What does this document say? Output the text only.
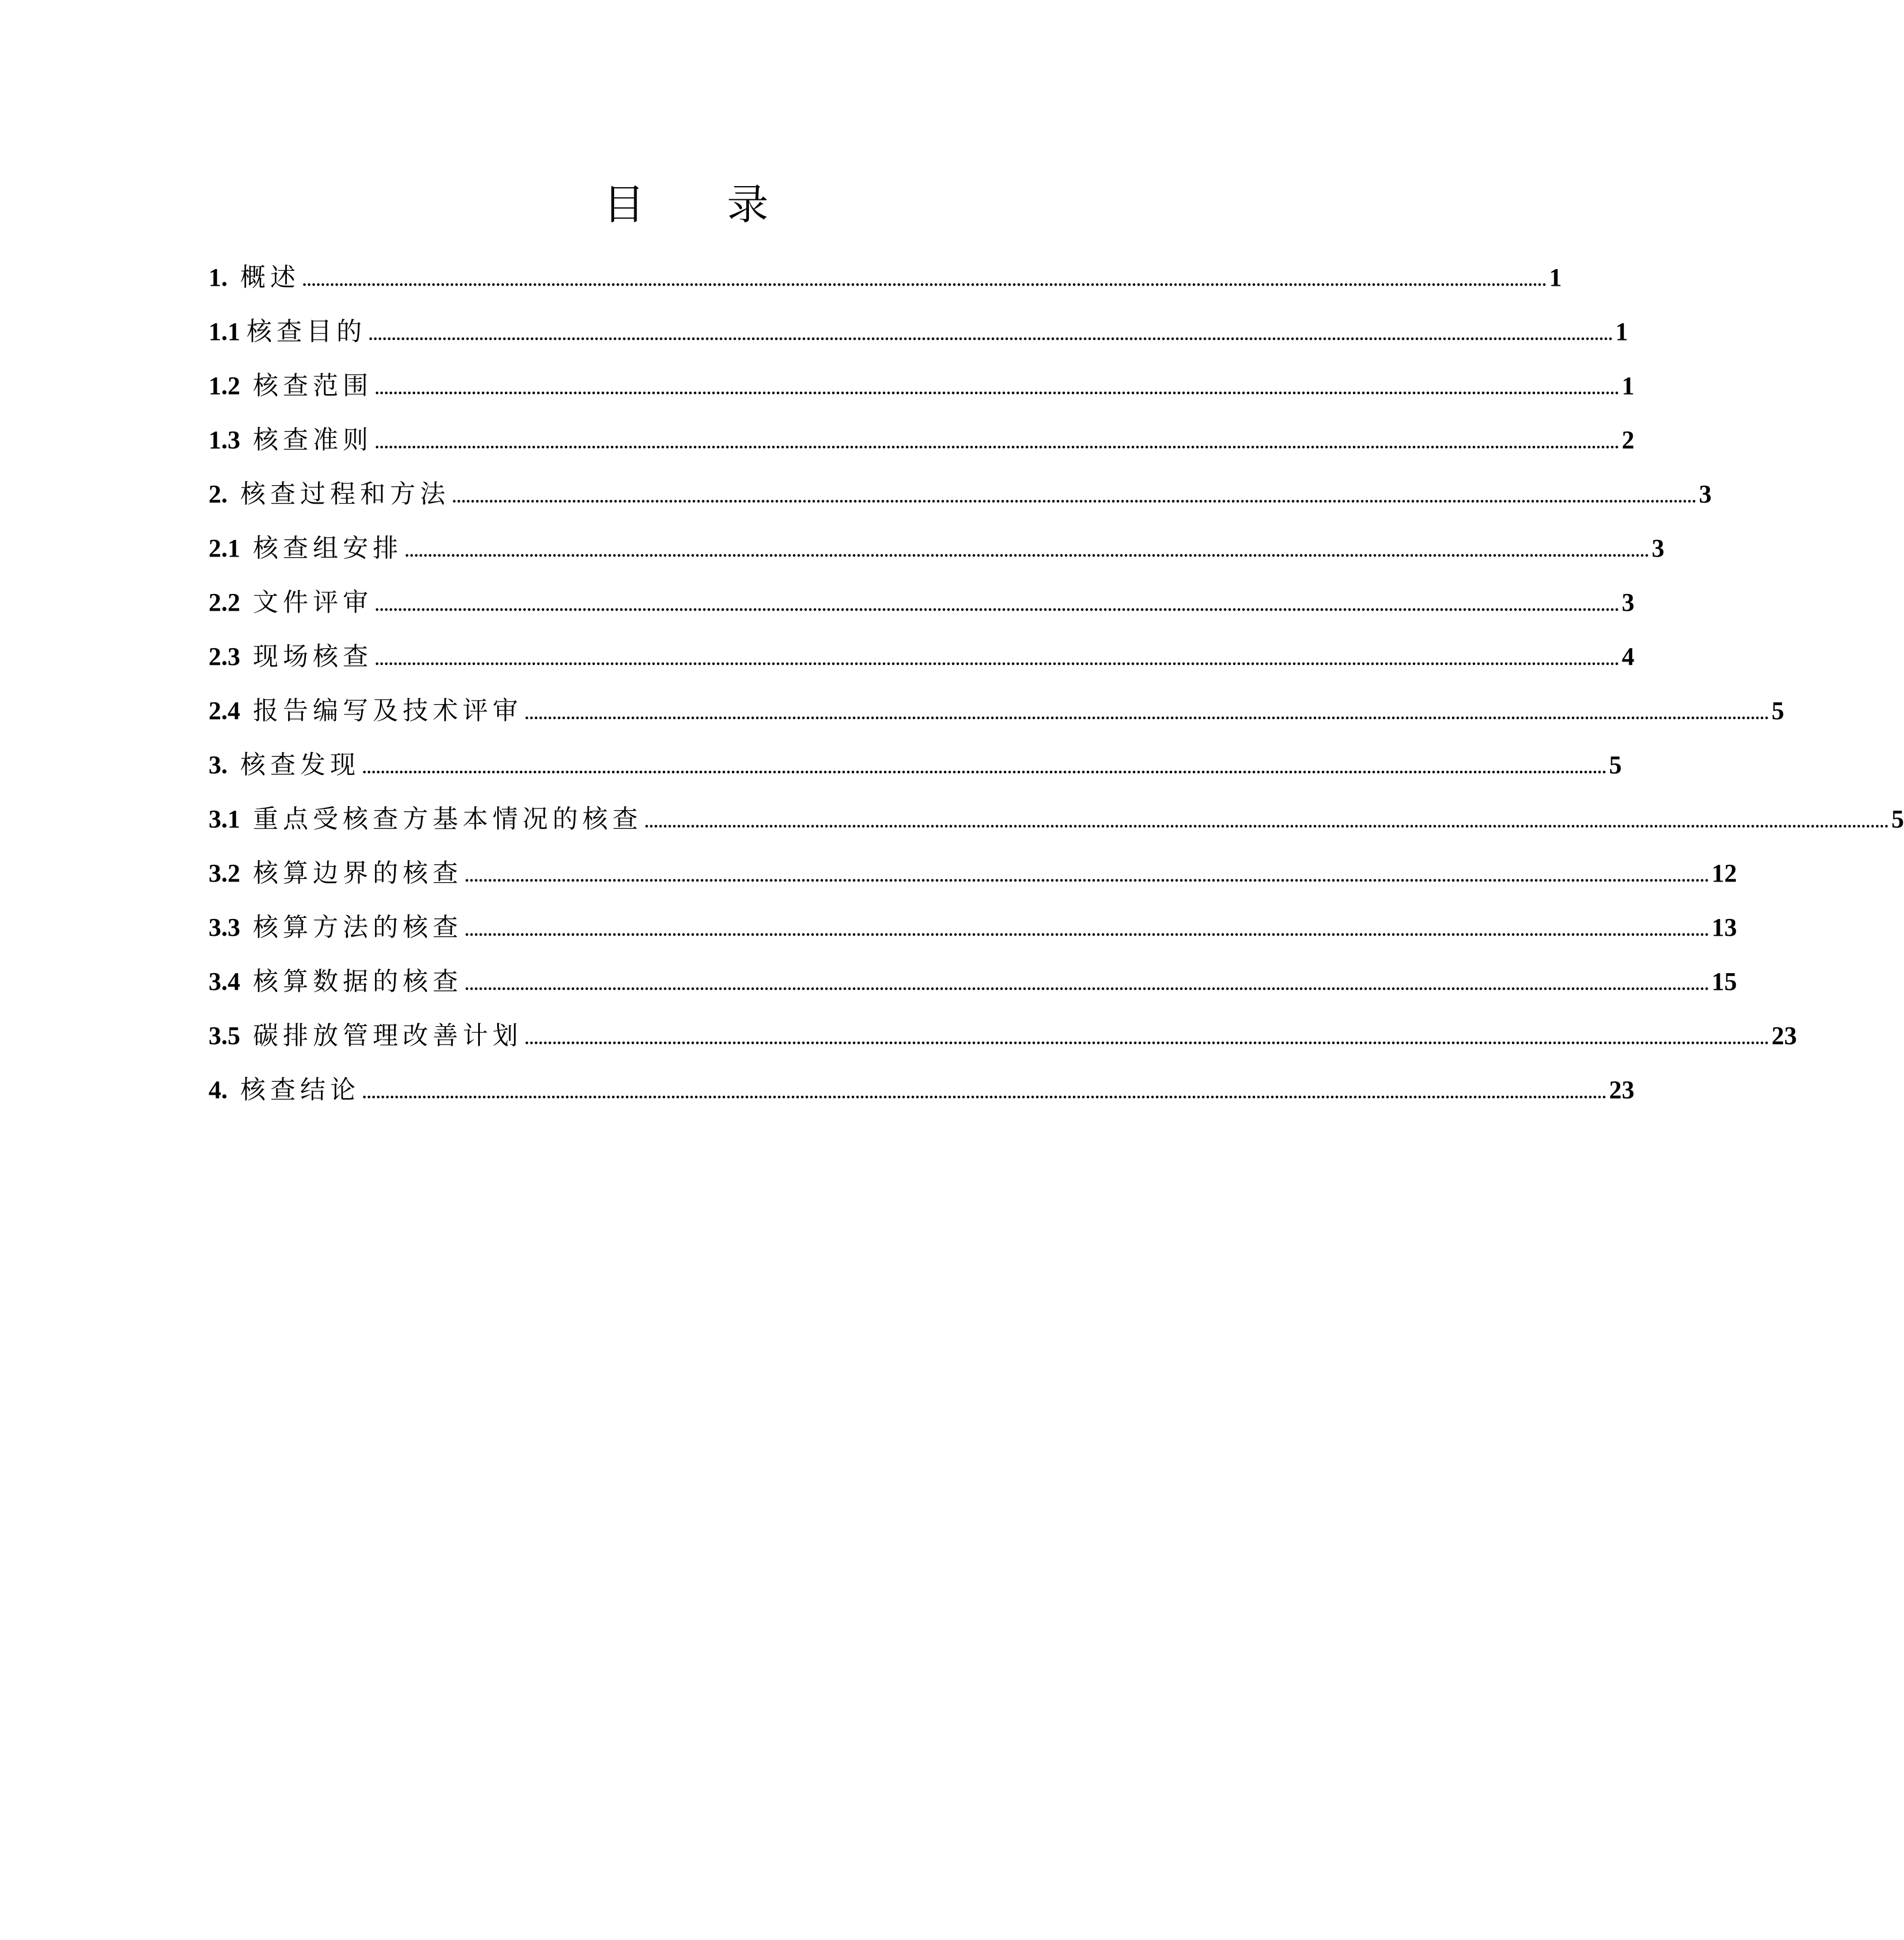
目 录
1. 概述 .............................................................................................................................................................................................................................................................................. 1
1.1 核查目的 .............................................................................................................................................................................................................................................................................. 1
1.2 核查范围 .............................................................................................................................................................................................................................................................................. 1
1.3 核查准则 .............................................................................................................................................................................................................................................................................. 2
2. 核查过程和方法 .............................................................................................................................................................................................................................................................................. 3
2.1 核查组安排 .............................................................................................................................................................................................................................................................................. 3
2.2 文件评审 .............................................................................................................................................................................................................................................................................. 3
2.3 现场核查 .............................................................................................................................................................................................................................................................................. 4
2.4 报告编写及技术评审 .............................................................................................................................................................................................................................................................................. 5
3. 核查发现 .............................................................................................................................................................................................................................................................................. 5
3.1 重点受核查方基本情况的核查 .............................................................................................................................................................................................................................................................................. 5
3.2 核算边界的核查 .............................................................................................................................................................................................................................................................................. 12
3.3 核算方法的核查 .............................................................................................................................................................................................................................................................................. 13
3.4 核算数据的核查 .............................................................................................................................................................................................................................................................................. 15
3.5 碳排放管理改善计划 .............................................................................................................................................................................................................................................................................. 23
4. 核查结论 .............................................................................................................................................................................................................................................................................. 23
